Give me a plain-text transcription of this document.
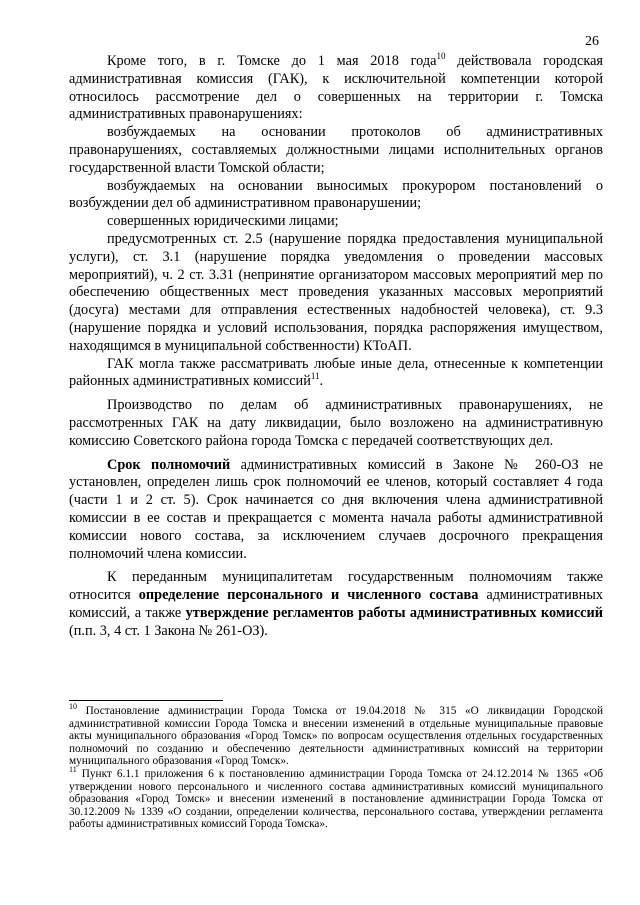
26

Кроме того, в г. Томске до 1 мая 2018 года$^{10}$ действовала городская административная комиссия (ГАК), к исключительной компетенции которой относилось рассмотрение дел о совершенных на территории г. Томска административных правонарушениях:

возбуждаемых на основании протоколов об административных правонарушениях, составляемых должностными лицами исполнительных органов государственной власти Томской области;

возбуждаемых на основании выносимых прокурором постановлений о возбуждении дел об административном правонарушении;

совершенных юридическими лицами;

предусмотренных ст. 2.5 (нарушение порядка предоставления муниципальной услуги), ст. 3.1 (нарушение порядка уведомления о проведении массовых мероприятий), ч. 2 ст. 3.31 (непринятие организатором массовых мероприятий мер по обеспечению общественных мест проведения указанных массовых мероприятий (досуга) местами для отправления естественных надобностей человека), ст. 9.3 (нарушение порядка и условий использования, порядка распоряжения имуществом, находящимся в муниципальной собственности) КТоАП.

ГАК могла также рассматривать любые иные дела, отнесенные к компетенции районных административных комиссий$^{11}$.

Производство по делам об административных правонарушениях, не рассмотренных ГАК на дату ликвидации, было возложено на административную комиссию Советского района города Томска с передачей соответствующих дел.

Срок полномочий административных комиссий в Законе № 260-ОЗ не установлен, определен лишь срок полномочий ее членов, который составляет 4 года (части 1 и 2 ст. 5). Срок начинается со дня включения члена административной комиссии в ее состав и прекращается с момента начала работы административной комиссии нового состава, за исключением случаев досрочного прекращения полномочий члена комиссии.

К переданным муниципалитетам государственным полномочиям также относится определение персонального и численного состава административных комиссий, а также утверждение регламентов работы административных комиссий (п.п. 3, 4 ст. 1 Закона № 261-ОЗ).

$^{10}$ Постановление администрации Города Томска от 19.04.2018 № 315 «О ликвидации Городской административной комиссии Города Томска и внесении изменений в отдельные муниципальные правовые акты муниципального образования «Город Томск» по вопросам осуществления отдельных государственных полномочий по созданию и обеспечению деятельности административных комиссий на территории муниципального образования «Город Томск».

$^{11}$ Пункт 6.1.1 приложения 6 к постановлению администрации Города Томска от 24.12.2014 № 1365 «Об утверждении нового персонального и численного состава административных комиссий муниципального образования «Город Томск» и внесении изменений в постановление администрации Города Томска от 30.12.2009 № 1339 «О создании, определении количества, персонального состава, утверждении регламента работы административных комиссий Города Томска».
